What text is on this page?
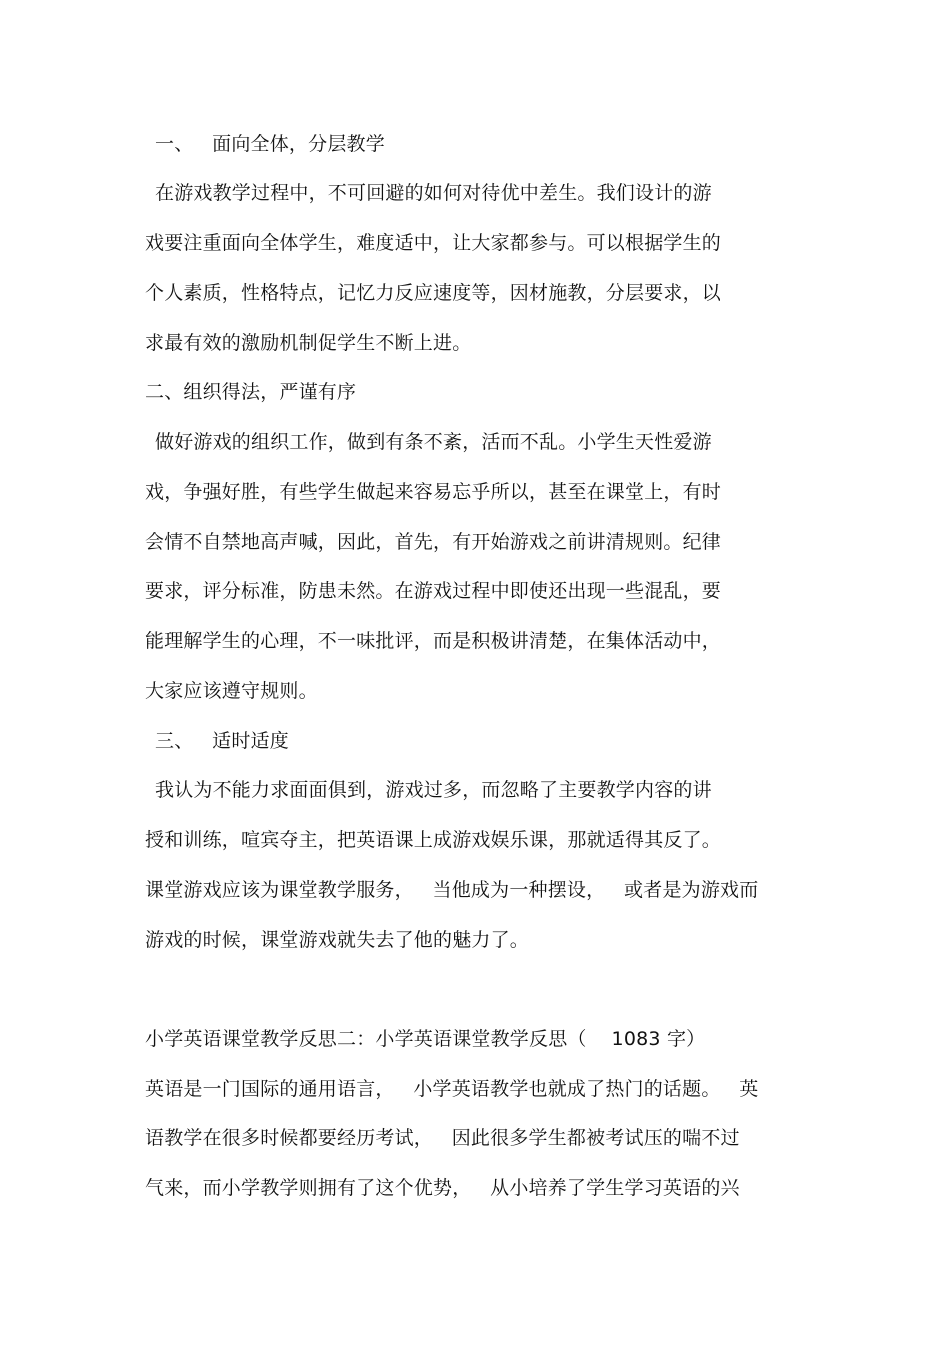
一、   面向全体，分层教学
在游戏教学过程中，不可回避的如何对待优中差生。我们设计的游
戏要注重面向全体学生，难度适中，让大家都参与。可以根据学生的
个人素质，性格特点，记忆力反应速度等，因材施教，分层要求，以
求最有效的激励机制促学生不断上进。
二、组织得法，严谨有序
做好游戏的组织工作，做到有条不紊，活而不乱。小学生天性爱游
戏，争强好胜，有些学生做起来容易忘乎所以，甚至在课堂上，有时
会情不自禁地高声喊，因此，首先，有开始游戏之前讲清规则。纪律
要求，评分标准，防患未然。在游戏过程中即使还出现一些混乱，要
能理解学生的心理，不一味批评，而是积极讲清楚，在集体活动中，
大家应该遵守规则。
三、   适时适度
我认为不能力求面面俱到，游戏过多，而忽略了主要教学内容的讲
授和训练，喧宾夺主，把英语课上成游戏娱乐课，那就适得其反了。
课堂游戏应该为课堂教学服务，   当他成为一种摆设，   或者是为游戏而
游戏的时候，课堂游戏就失去了他的魅力了。
小学英语课堂教学反思二：小学英语课堂教学反思（    1083 字）
英语是一门国际的通用语言，   小学英语教学也就成了热门的话题。   英
语教学在很多时候都要经历考试，   因此很多学生都被考试压的喘不过
气来，而小学教学则拥有了这个优势，   从小培养了学生学习英语的兴
